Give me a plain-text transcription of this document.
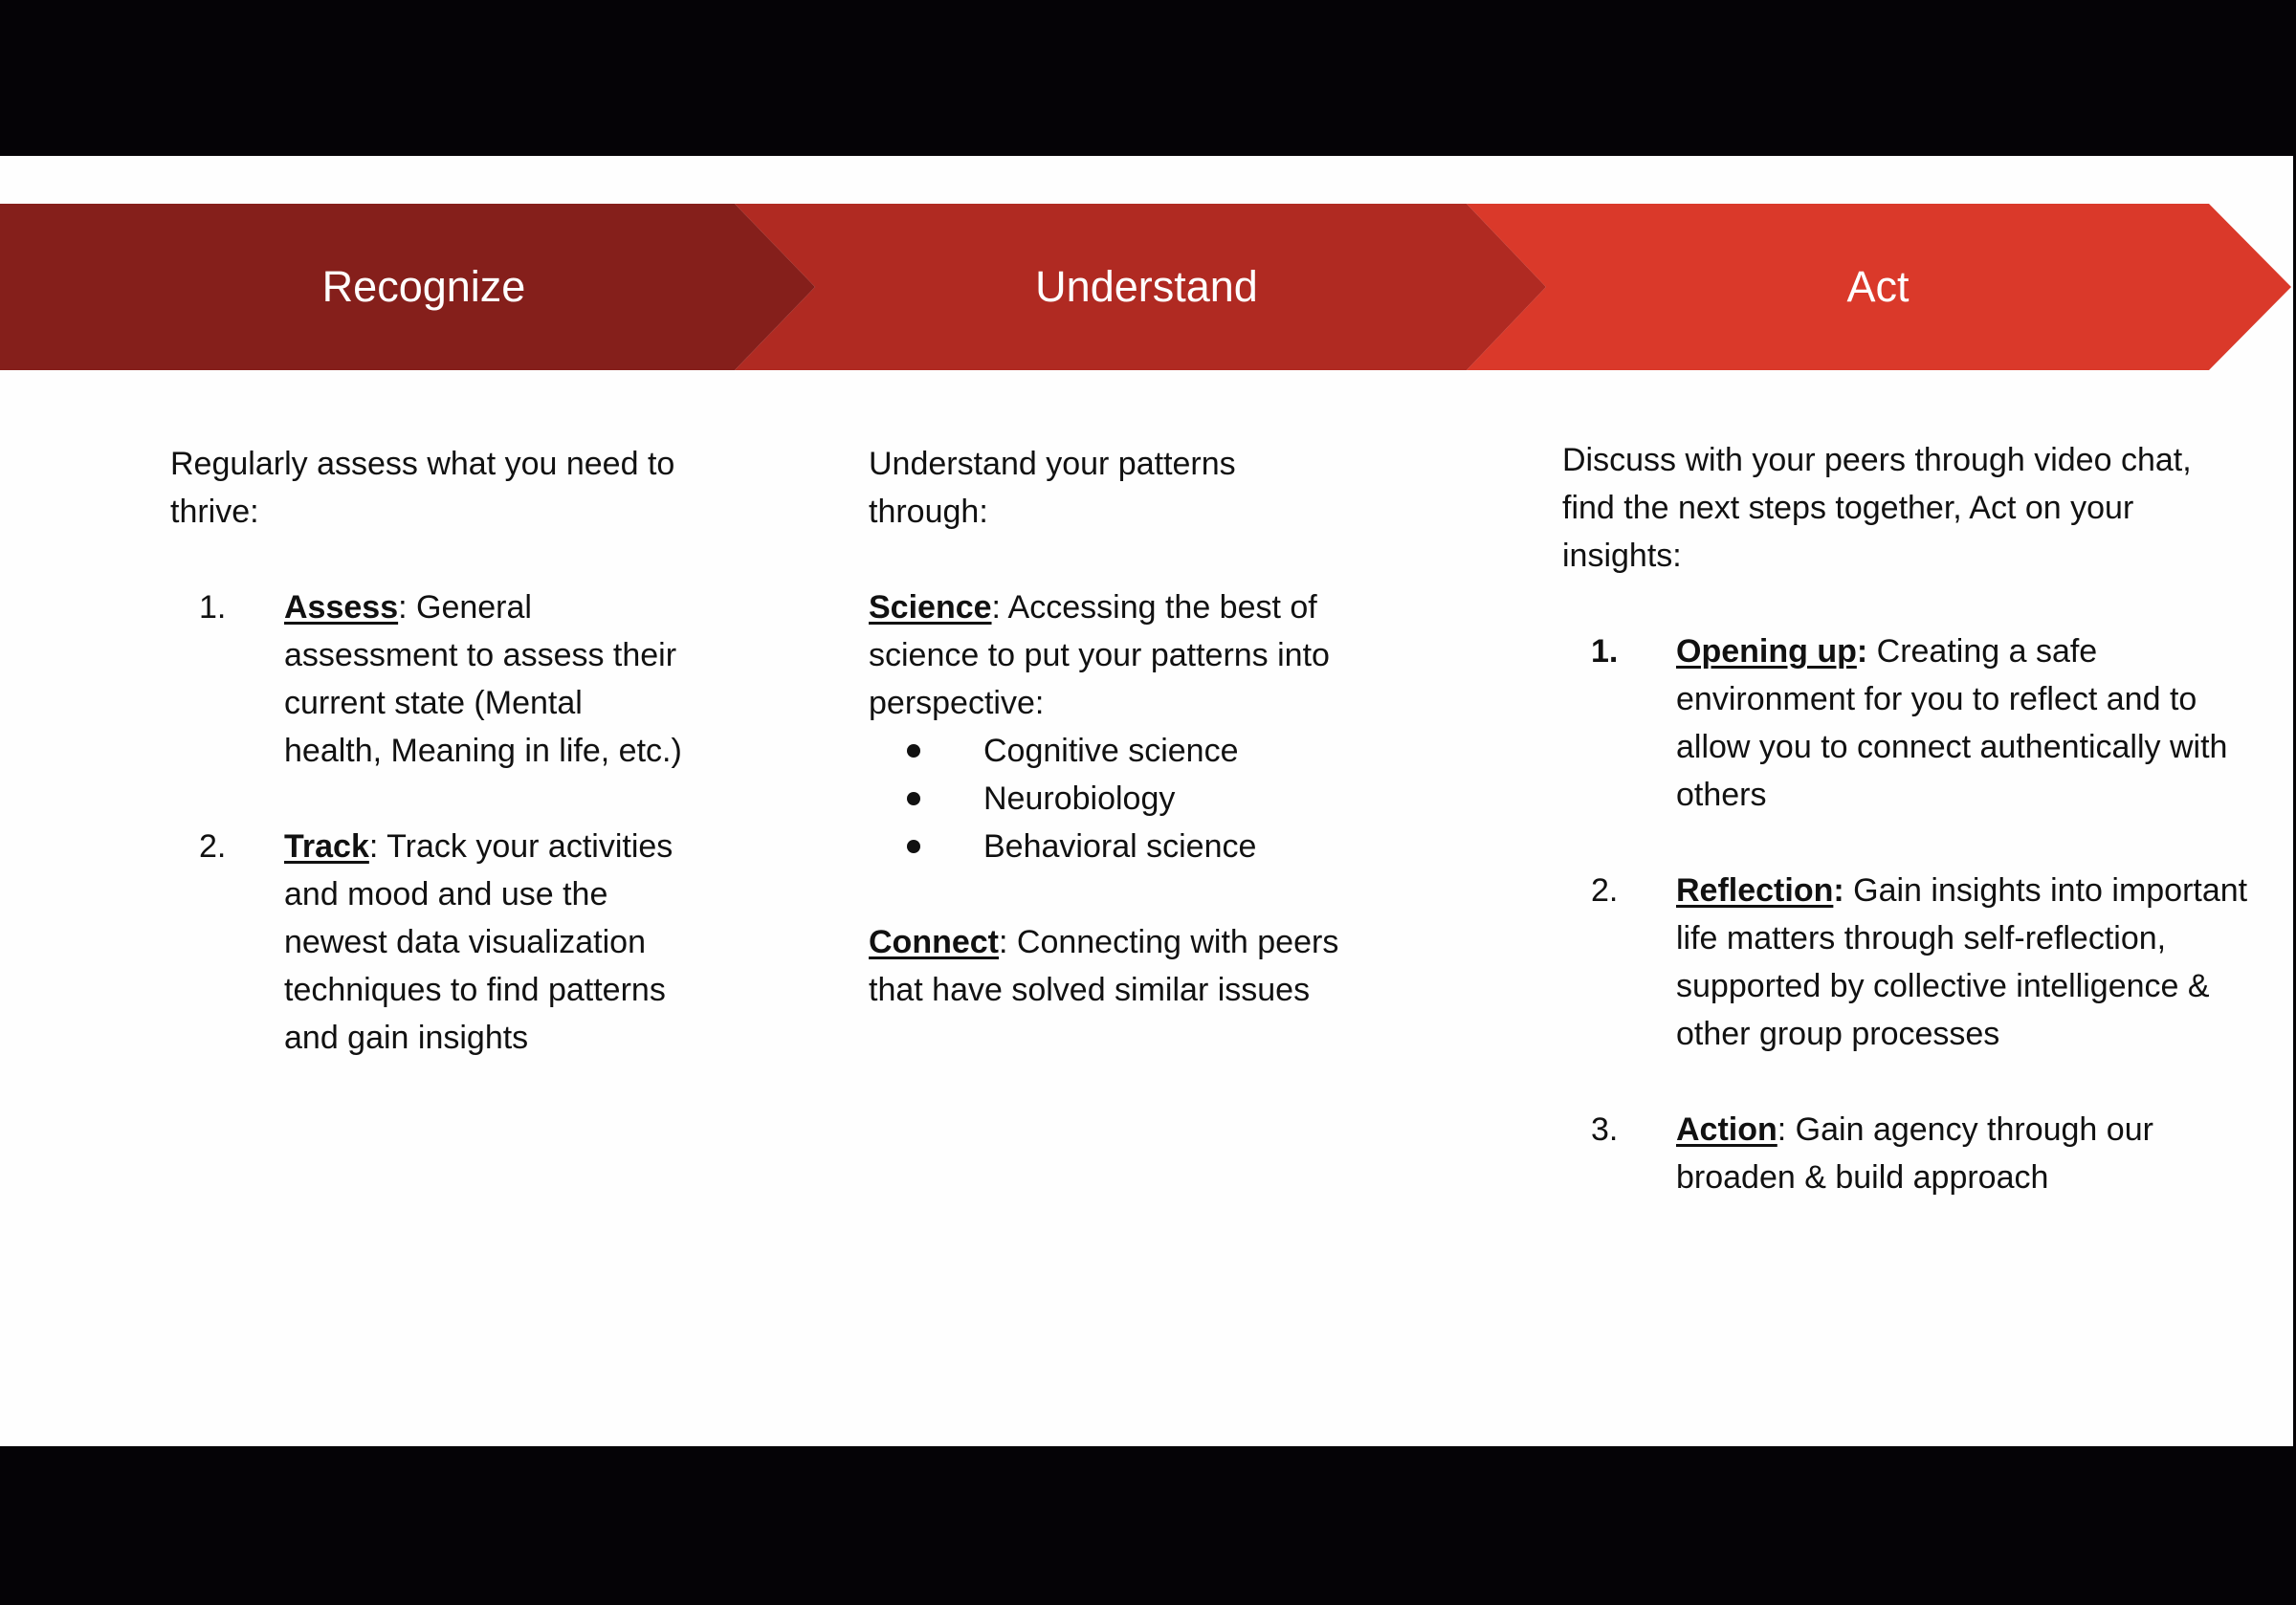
Recognize	Understand	Act

Regularly assess what you need to thrive:

1. Assess: General assessment to assess their current state (Mental health, Meaning in life, etc.)
2. Track: Track your activities and mood and use the newest data visualization techniques to find patterns and gain insights

Understand your patterns through:

Science: Accessing the best of science to put your patterns into perspective:

Cognitive science
Neurobiology
Behavioral science

Connect: Connecting with peers that have solved similar issues

Discuss with your peers through video chat, find the next steps together, Act on your insights:

1. Opening up: Creating a safe environment for you to reflect and to allow you to connect authentically with others
2. Reflection: Gain insights into important life matters through self-reflection, supported by collective intelligence & other group processes
3. Action: Gain agency through our broaden & build approach
